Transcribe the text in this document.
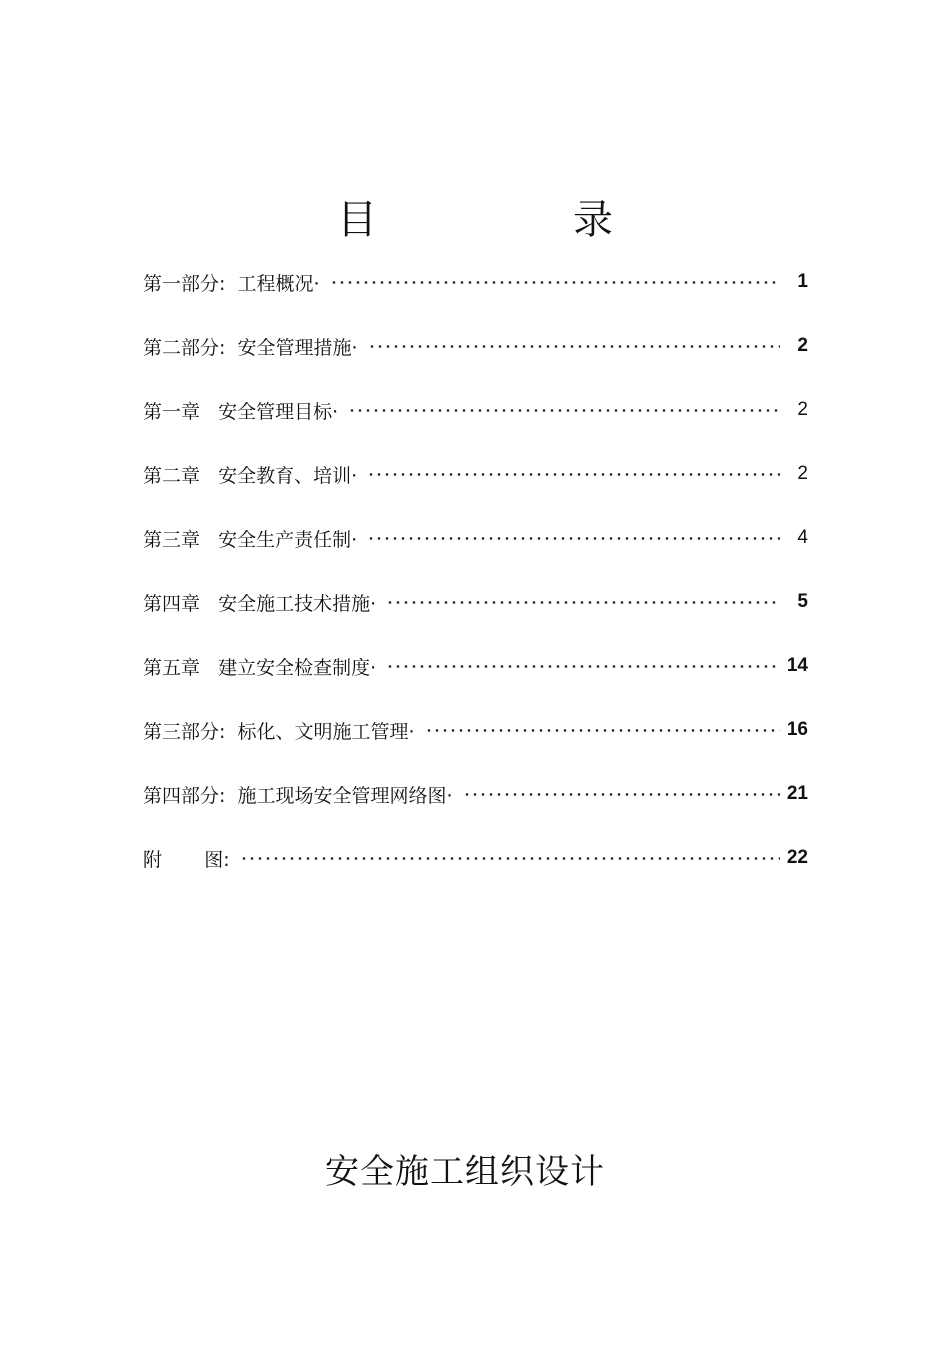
目　录
第一部分:  工程概况·	1
第二部分:  安全管理措施·	2
第一章   安全管理目标·	2
第二章   安全教育、培训·	2
第三章   安全生产责任制·	4
第四章   安全施工技术措施·	5
第五章   建立安全检查制度·	14
第三部分:  标化、文明施工管理·	16
第四部分:  施工现场安全管理网络图·	21
附       图:	22
安全施工组织设计
